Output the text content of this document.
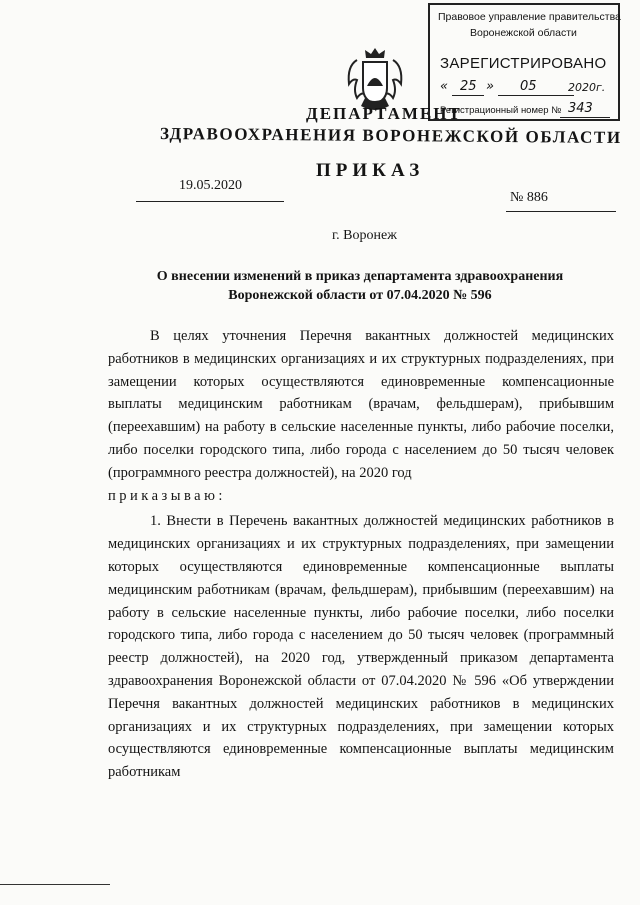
Правовое управление правительства
Воронежской области
ЗАРЕГИСТРИРОВАНО
« 25 » 05	2020г.
Регистрационный номер № 343
ДЕПАРТАМЕНТ
ЗДРАВООХРАНЕНИЯ ВОРОНЕЖСКОЙ ОБЛАСТИ
ПРИКАЗ
19.05.2020
№ 886
г. Воронеж
О внесении изменений в приказ департамента здравоохранения Воронежской области от 07.04.2020 № 596

В целях уточнения Перечня вакантных должностей медицинских работников в медицинских организациях и их структурных подразделениях, при замещении которых осуществляются единовременные компенсационные выплаты медицинским работникам (врачам, фельдшерам), прибывшим (переехавшим) на работу в сельские населенные пункты, либо рабочие поселки, либо поселки городского типа, либо города с населением до 50 тысяч человек (программного реестра должностей), на 2020 год

приказываю:

1. Внести в Перечень вакантных должностей медицинских работников в медицинских организациях и их структурных подразделениях, при замещении которых осуществляются единовременные компенсационные выплаты медицинским работникам (врачам, фельдшерам), прибывшим (переехавшим) на работу в сельские населенные пункты, либо рабочие поселки, либо поселки городского типа, либо города с населением до 50 тысяч человек (программный реестр должностей), на 2020 год, утвержденный приказом департамента здравоохранения Воронежской области от 07.04.2020 № 596 «Об утверждении Перечня вакантных должностей медицинских работников в медицинских организациях и их структурных подразделениях, при замещении которых осуществляются единовременные компенсационные выплаты медицинским работникам
